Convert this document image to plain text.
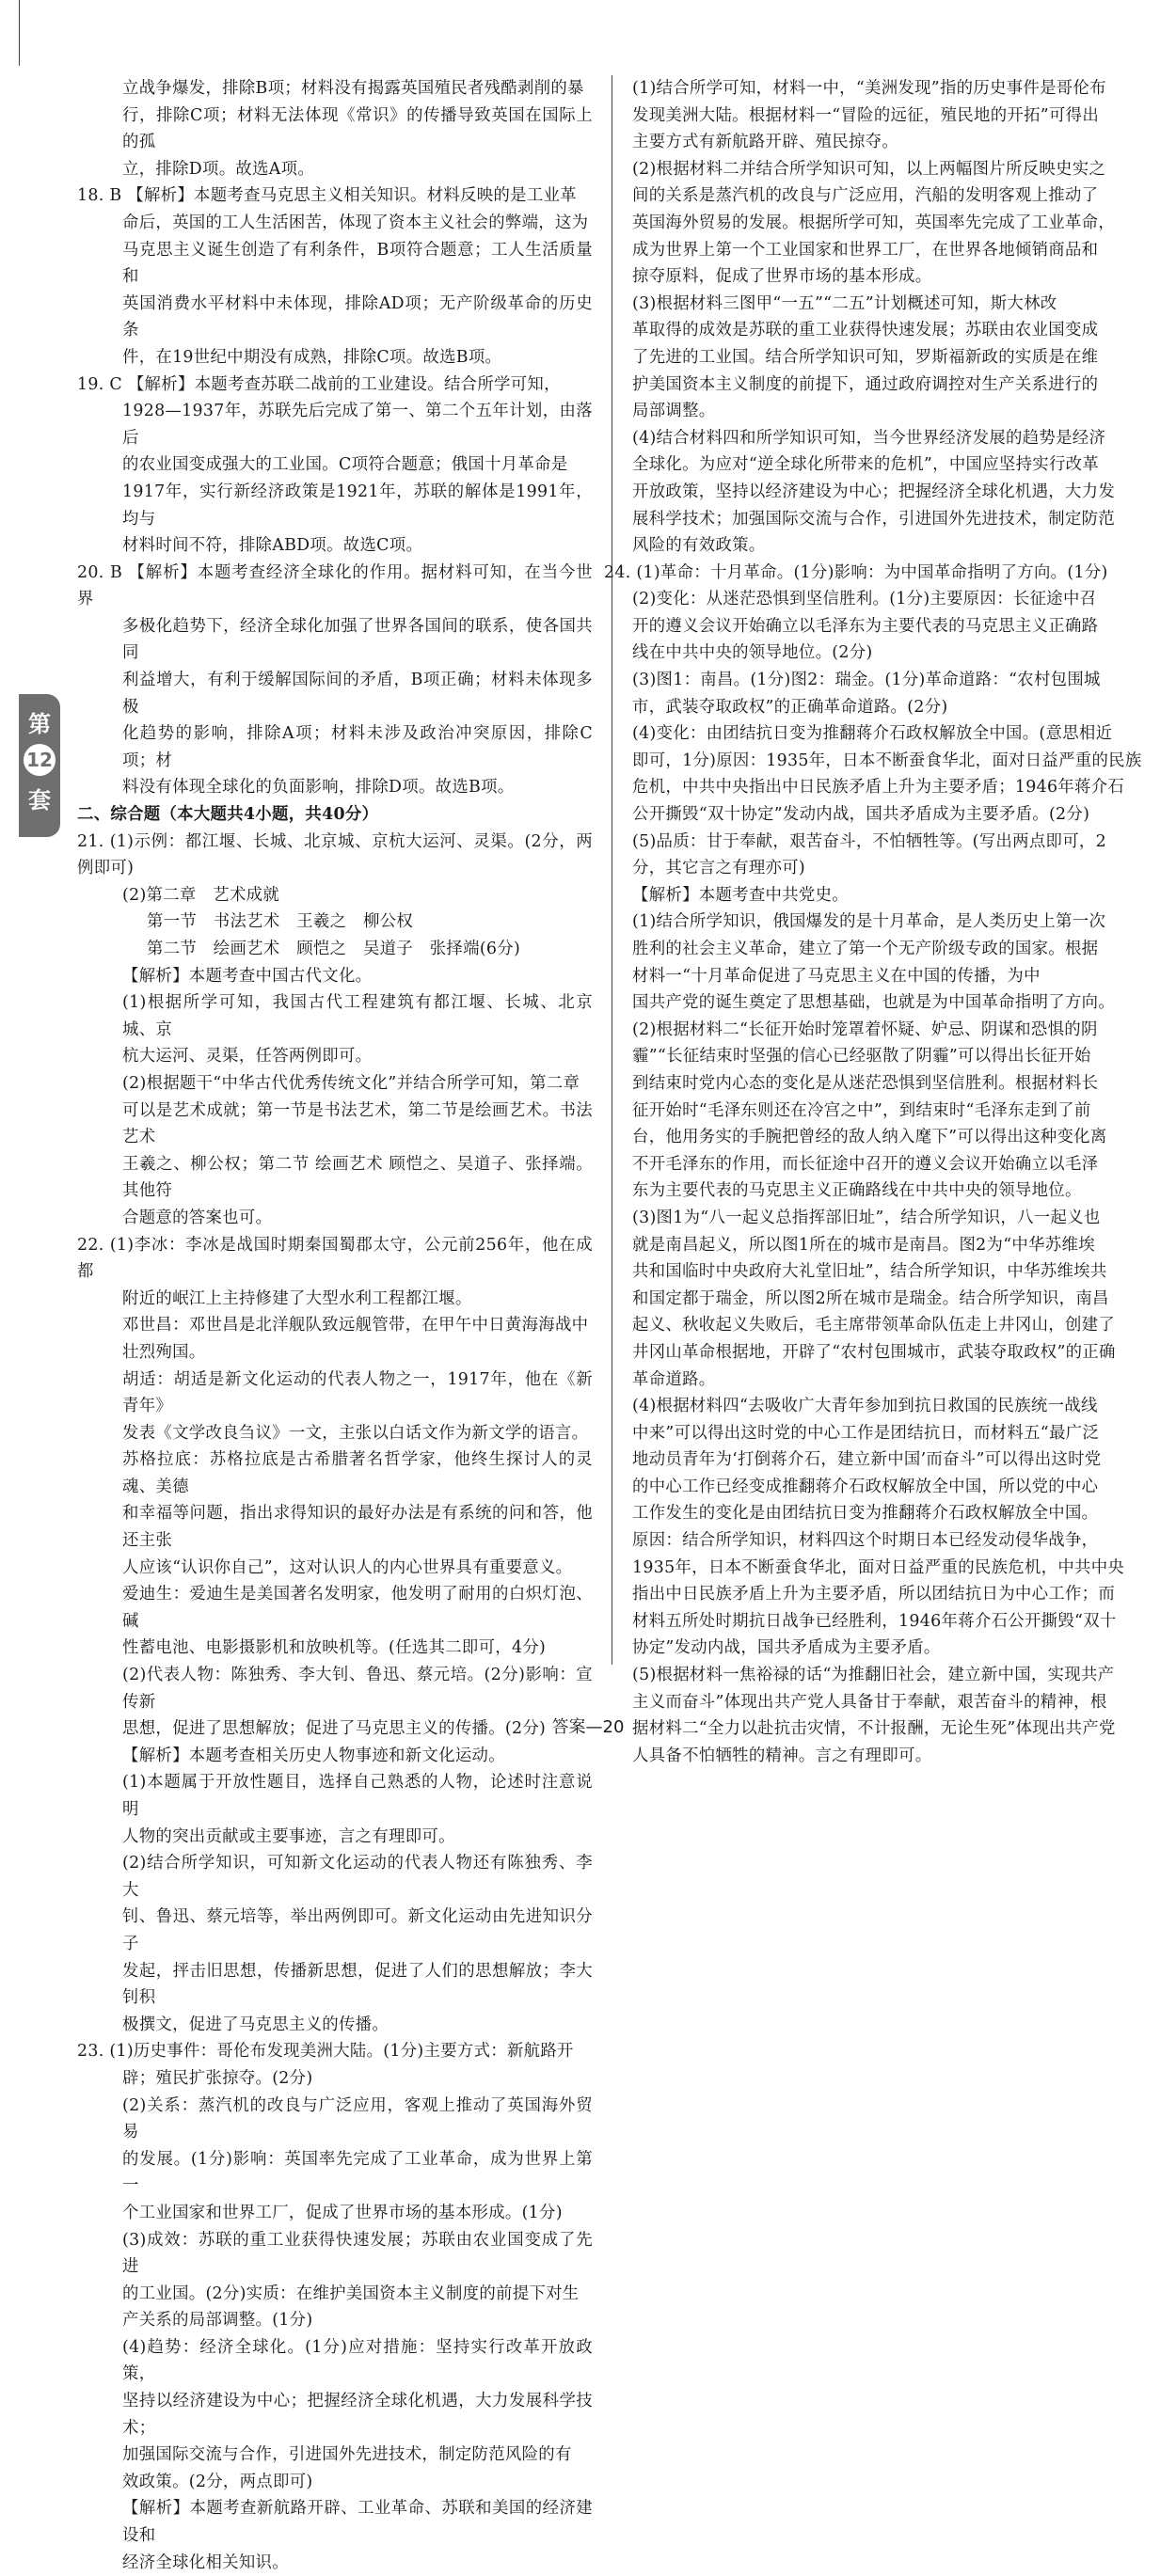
立战争爆发，排除B项；材料没有揭露英国殖民者残酷剥削的暴

行，排除C项；材料无法体现《常识》的传播导致英国在国际上的孤

立，排除D项。故选A项。

18. B 【解析】本题考查马克思主义相关知识。材料反映的是工业革

命后，英国的工人生活困苦，体现了资本主义社会的弊端，这为

马克思主义诞生创造了有利条件，B项符合题意；工人生活质量和

英国消费水平材料中未体现，排除AD项；无产阶级革命的历史条

件，在19世纪中期没有成熟，排除C项。故选B项。

19. C 【解析】本题考查苏联二战前的工业建设。结合所学可知，

1928—1937年，苏联先后完成了第一、第二个五年计划，由落后

的农业国变成强大的工业国。C项符合题意；俄国十月革命是

1917年，实行新经济政策是1921年，苏联的解体是1991年，均与

材料时间不符，排除ABD项。故选C项。

20. B 【解析】本题考查经济全球化的作用。据材料可知，在当今世界

多极化趋势下，经济全球化加强了世界各国间的联系，使各国共同

利益增大，有利于缓解国际间的矛盾，B项正确；材料未体现多极

化趋势的影响，排除A项；材料未涉及政治冲突原因，排除C项；材

料没有体现全球化的负面影响，排除D项。故选B项。

二、综合题（本大题共4小题，共40分）

21. (1)示例：都江堰、长城、北京城、京杭大运河、灵渠。(2分，两例即可)

(2)第二章　艺术成就

第一节　书法艺术　王羲之　柳公权

第二节　绘画艺术　顾恺之　吴道子　张择端(6分)

【解析】本题考查中国古代文化。

(1)根据所学可知，我国古代工程建筑有都江堰、长城、北京城、京

杭大运河、灵渠，任答两例即可。

(2)根据题干“中华古代优秀传统文化”并结合所学可知，第二章

可以是艺术成就；第一节是书法艺术，第二节是绘画艺术。书法艺术

王羲之、柳公权；第二节 绘画艺术 顾恺之、吴道子、张择端。其他符

合题意的答案也可。

22. (1)李冰：李冰是战国时期秦国蜀郡太守，公元前256年，他在成都

附近的岷江上主持修建了大型水利工程都江堰。

邓世昌：邓世昌是北洋舰队致远舰管带，在甲午中日黄海海战中

壮烈殉国。

胡适：胡适是新文化运动的代表人物之一，1917年，他在《新青年》

发表《文学改良刍议》一文，主张以白话文作为新文学的语言。

苏格拉底：苏格拉底是古希腊著名哲学家，他终生探讨人的灵魂、美德

和幸福等问题，指出求得知识的最好办法是有系统的问和答，他还主张

人应该“认识你自己”，这对认识人的内心世界具有重要意义。

爱迪生：爱迪生是美国著名发明家，他发明了耐用的白炽灯泡、碱

性蓄电池、电影摄影机和放映机等。(任选其二即可，4分)

(2)代表人物：陈独秀、李大钊、鲁迅、蔡元培。(2分)影响：宣传新

思想，促进了思想解放；促进了马克思主义的传播。(2分)

【解析】本题考查相关历史人物事迹和新文化运动。

(1)本题属于开放性题目，选择自己熟悉的人物，论述时注意说明

人物的突出贡献或主要事迹，言之有理即可。

(2)结合所学知识，可知新文化运动的代表人物还有陈独秀、李大

钊、鲁迅、蔡元培等，举出两例即可。新文化运动由先进知识分子

发起，抨击旧思想，传播新思想，促进了人们的思想解放；李大钊积

极撰文，促进了马克思主义的传播。

23. (1)历史事件：哥伦布发现美洲大陆。(1分)主要方式：新航路开

辟；殖民扩张掠夺。(2分)

(2)关系：蒸汽机的改良与广泛应用，客观上推动了英国海外贸易

的发展。(1分)影响：英国率先完成了工业革命，成为世界上第一

个工业国家和世界工厂，促成了世界市场的基本形成。(1分)

(3)成效：苏联的重工业获得快速发展；苏联由农业国变成了先进

的工业国。(2分)实质：在维护美国资本主义制度的前提下对生

产关系的局部调整。(1分)

(4)趋势：经济全球化。(1分)应对措施：坚持实行改革开放政策，

坚持以经济建设为中心；把握经济全球化机遇，大力发展科学技术；

加强国际交流与合作，引进国外先进技术，制定防范风险的有

效政策。(2分，两点即可)

【解析】本题考查新航路开辟、工业革命、苏联和美国的经济建设和

经济全球化相关知识。

(1)结合所学可知，材料一中，“美洲发现”指的历史事件是哥伦布

发现美洲大陆。根据材料一“冒险的远征，殖民地的开拓”可得出

主要方式有新航路开辟、殖民掠夺。

(2)根据材料二并结合所学知识可知，以上两幅图片所反映史实之

间的关系是蒸汽机的改良与广泛应用，汽船的发明客观上推动了

英国海外贸易的发展。根据所学可知，英国率先完成了工业革命，

成为世界上第一个工业国家和世界工厂，在世界各地倾销商品和

掠夺原料，促成了世界市场的基本形成。

(3)根据材料三图甲“一五”“二五”计划概述可知，斯大林改

革取得的成效是苏联的重工业获得快速发展；苏联由农业国变成

了先进的工业国。结合所学知识可知，罗斯福新政的实质是在维

护美国资本主义制度的前提下，通过政府调控对生产关系进行的

局部调整。

(4)结合材料四和所学知识可知，当今世界经济发展的趋势是经济

全球化。为应对“逆全球化所带来的危机”，中国应坚持实行改革

开放政策，坚持以经济建设为中心；把握经济全球化机遇，大力发

展科学技术；加强国际交流与合作，引进国外先进技术，制定防范

风险的有效政策。

24. (1)革命：十月革命。(1分)影响：为中国革命指明了方向。(1分)

(2)变化：从迷茫恐惧到坚信胜利。(1分)主要原因：长征途中召

开的遵义会议开始确立以毛泽东为主要代表的马克思主义正确路

线在中共中央的领导地位。(2分)

(3)图1：南昌。(1分)图2：瑞金。(1分)革命道路：“农村包围城

市，武装夺取政权”的正确革命道路。(2分)

(4)变化：由团结抗日变为推翻蒋介石政权解放全中国。(意思相近

即可，1分)原因：1935年，日本不断蚕食华北，面对日益严重的民族

危机，中共中央指出中日民族矛盾上升为主要矛盾；1946年蒋介石

公开撕毁“双十协定”发动内战，国共矛盾成为主要矛盾。(2分)

(5)品质：甘于奉献，艰苦奋斗，不怕牺牲等。(写出两点即可，2

分，其它言之有理亦可)

【解析】本题考查中共党史。

(1)结合所学知识，俄国爆发的是十月革命，是人类历史上第一次

胜利的社会主义革命，建立了第一个无产阶级专政的国家。根据

材料一“十月革命促进了马克思主义在中国的传播，为中

国共产党的诞生奠定了思想基础，也就是为中国革命指明了方向。

(2)根据材料二“长征开始时笼罩着怀疑、妒忌、阴谋和恐惧的阴

霾”“长征结束时坚强的信心已经驱散了阴霾”可以得出长征开始

到结束时党内心态的变化是从迷茫恐惧到坚信胜利。根据材料长

征开始时“毛泽东则还在冷宫之中”，到结束时“毛泽东走到了前

台，他用务实的手腕把曾经的敌人纳入麾下”可以得出这种变化离

不开毛泽东的作用，而长征途中召开的遵义会议开始确立以毛泽

东为主要代表的马克思主义正确路线在中共中央的领导地位。

(3)图1为“八一起义总指挥部旧址”，结合所学知识，八一起义也

就是南昌起义，所以图1所在的城市是南昌。图2为“中华苏维埃

共和国临时中央政府大礼堂旧址”，结合所学知识，中华苏维埃共

和国定都于瑞金，所以图2所在城市是瑞金。结合所学知识，南昌

起义、秋收起义失败后，毛主席带领革命队伍走上井冈山，创建了

井冈山革命根据地，开辟了“农村包围城市，武装夺取政权”的正确

革命道路。

(4)根据材料四“去吸收广大青年参加到抗日救国的民族统一战线

中来”可以得出这时党的中心工作是团结抗日，而材料五“最广泛

地动员青年为‘打倒蒋介石，建立新中国’而奋斗”可以得出这时党

的中心工作已经变成推翻蒋介石政权解放全中国，所以党的中心

工作发生的变化是由团结抗日变为推翻蒋介石政权解放全中国。

原因：结合所学知识，材料四这个时期日本已经发动侵华战争，

1935年，日本不断蚕食华北，面对日益严重的民族危机，中共中央

指出中日民族矛盾上升为主要矛盾，所以团结抗日为中心工作；而

材料五所处时期抗日战争已经胜利，1946年蒋介石公开撕毁“双十

协定”发动内战，国共矛盾成为主要矛盾。

(5)根据材料一焦裕禄的话“为推翻旧社会，建立新中国，实现共产

主义而奋斗”体现出共产党人具备甘于奉献，艰苦奋斗的精神，根

据材料二“全力以赴抗击灾情，不计报酬，无论生死”体现出共产党

人具备不怕牺牲的精神。言之有理即可。

第
12
套
答案—20
